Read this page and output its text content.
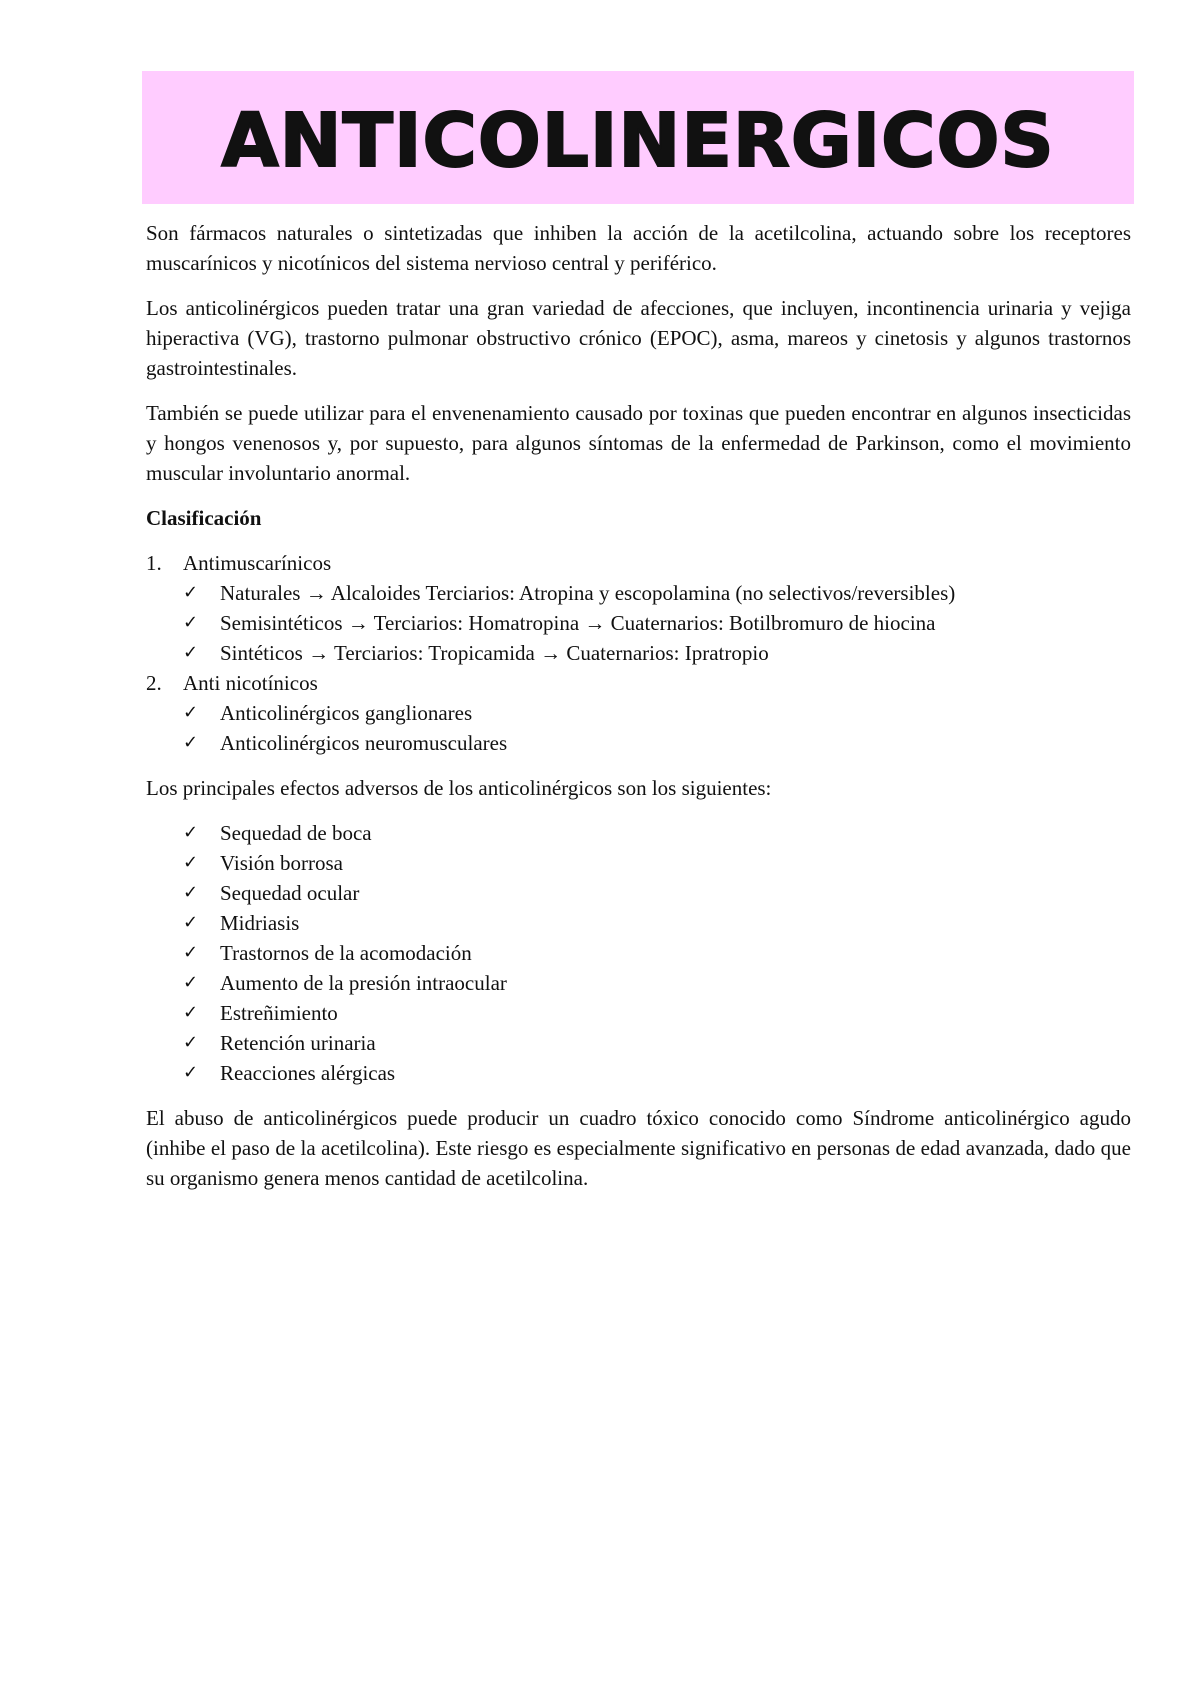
ANTICOLINERGICOS

Son fármacos naturales o sintetizadas que inhiben la acción de la acetilcolina, actuando sobre los receptores muscarínicos y nicotínicos del sistema nervioso central y periférico.

Los anticolinérgicos pueden tratar una gran variedad de afecciones, que incluyen, incontinencia urinaria y vejiga hiperactiva (VG), trastorno pulmonar obstructivo crónico (EPOC), asma, mareos y cinetosis y algunos trastornos gastrointestinales.

También se puede utilizar para el envenenamiento causado por toxinas que pueden encontrar en algunos insecticidas y hongos venenosos y, por supuesto, para algunos síntomas de la enfermedad de Parkinson, como el movimiento muscular involuntario anormal.

Clasificación
1. Antimuscarínicos
✓ Naturales → Alcaloides Terciarios: Atropina y escopolamina (no selectivos/reversibles)
✓ Semisintéticos → Terciarios: Homatropina → Cuaternarios: Botilbromuro de hiocina
✓ Sintéticos → Terciarios: Tropicamida → Cuaternarios: Ipratropio
2. Anti nicotínicos
✓ Anticolinérgicos ganglionares
✓ Anticolinérgicos neuromusculares

Los principales efectos adversos de los anticolinérgicos son los siguientes:

✓ Sequedad de boca
✓ Visión borrosa
✓ Sequedad ocular
✓ Midriasis
✓ Trastornos de la acomodación
✓ Aumento de la presión intraocular
✓ Estreñimiento
✓ Retención urinaria
✓ Reacciones alérgicas

El abuso de anticolinérgicos puede producir un cuadro tóxico conocido como Síndrome anticolinérgico agudo (inhibe el paso de la acetilcolina). Este riesgo es especialmente significativo en personas de edad avanzada, dado que su organismo genera menos cantidad de acetilcolina.
